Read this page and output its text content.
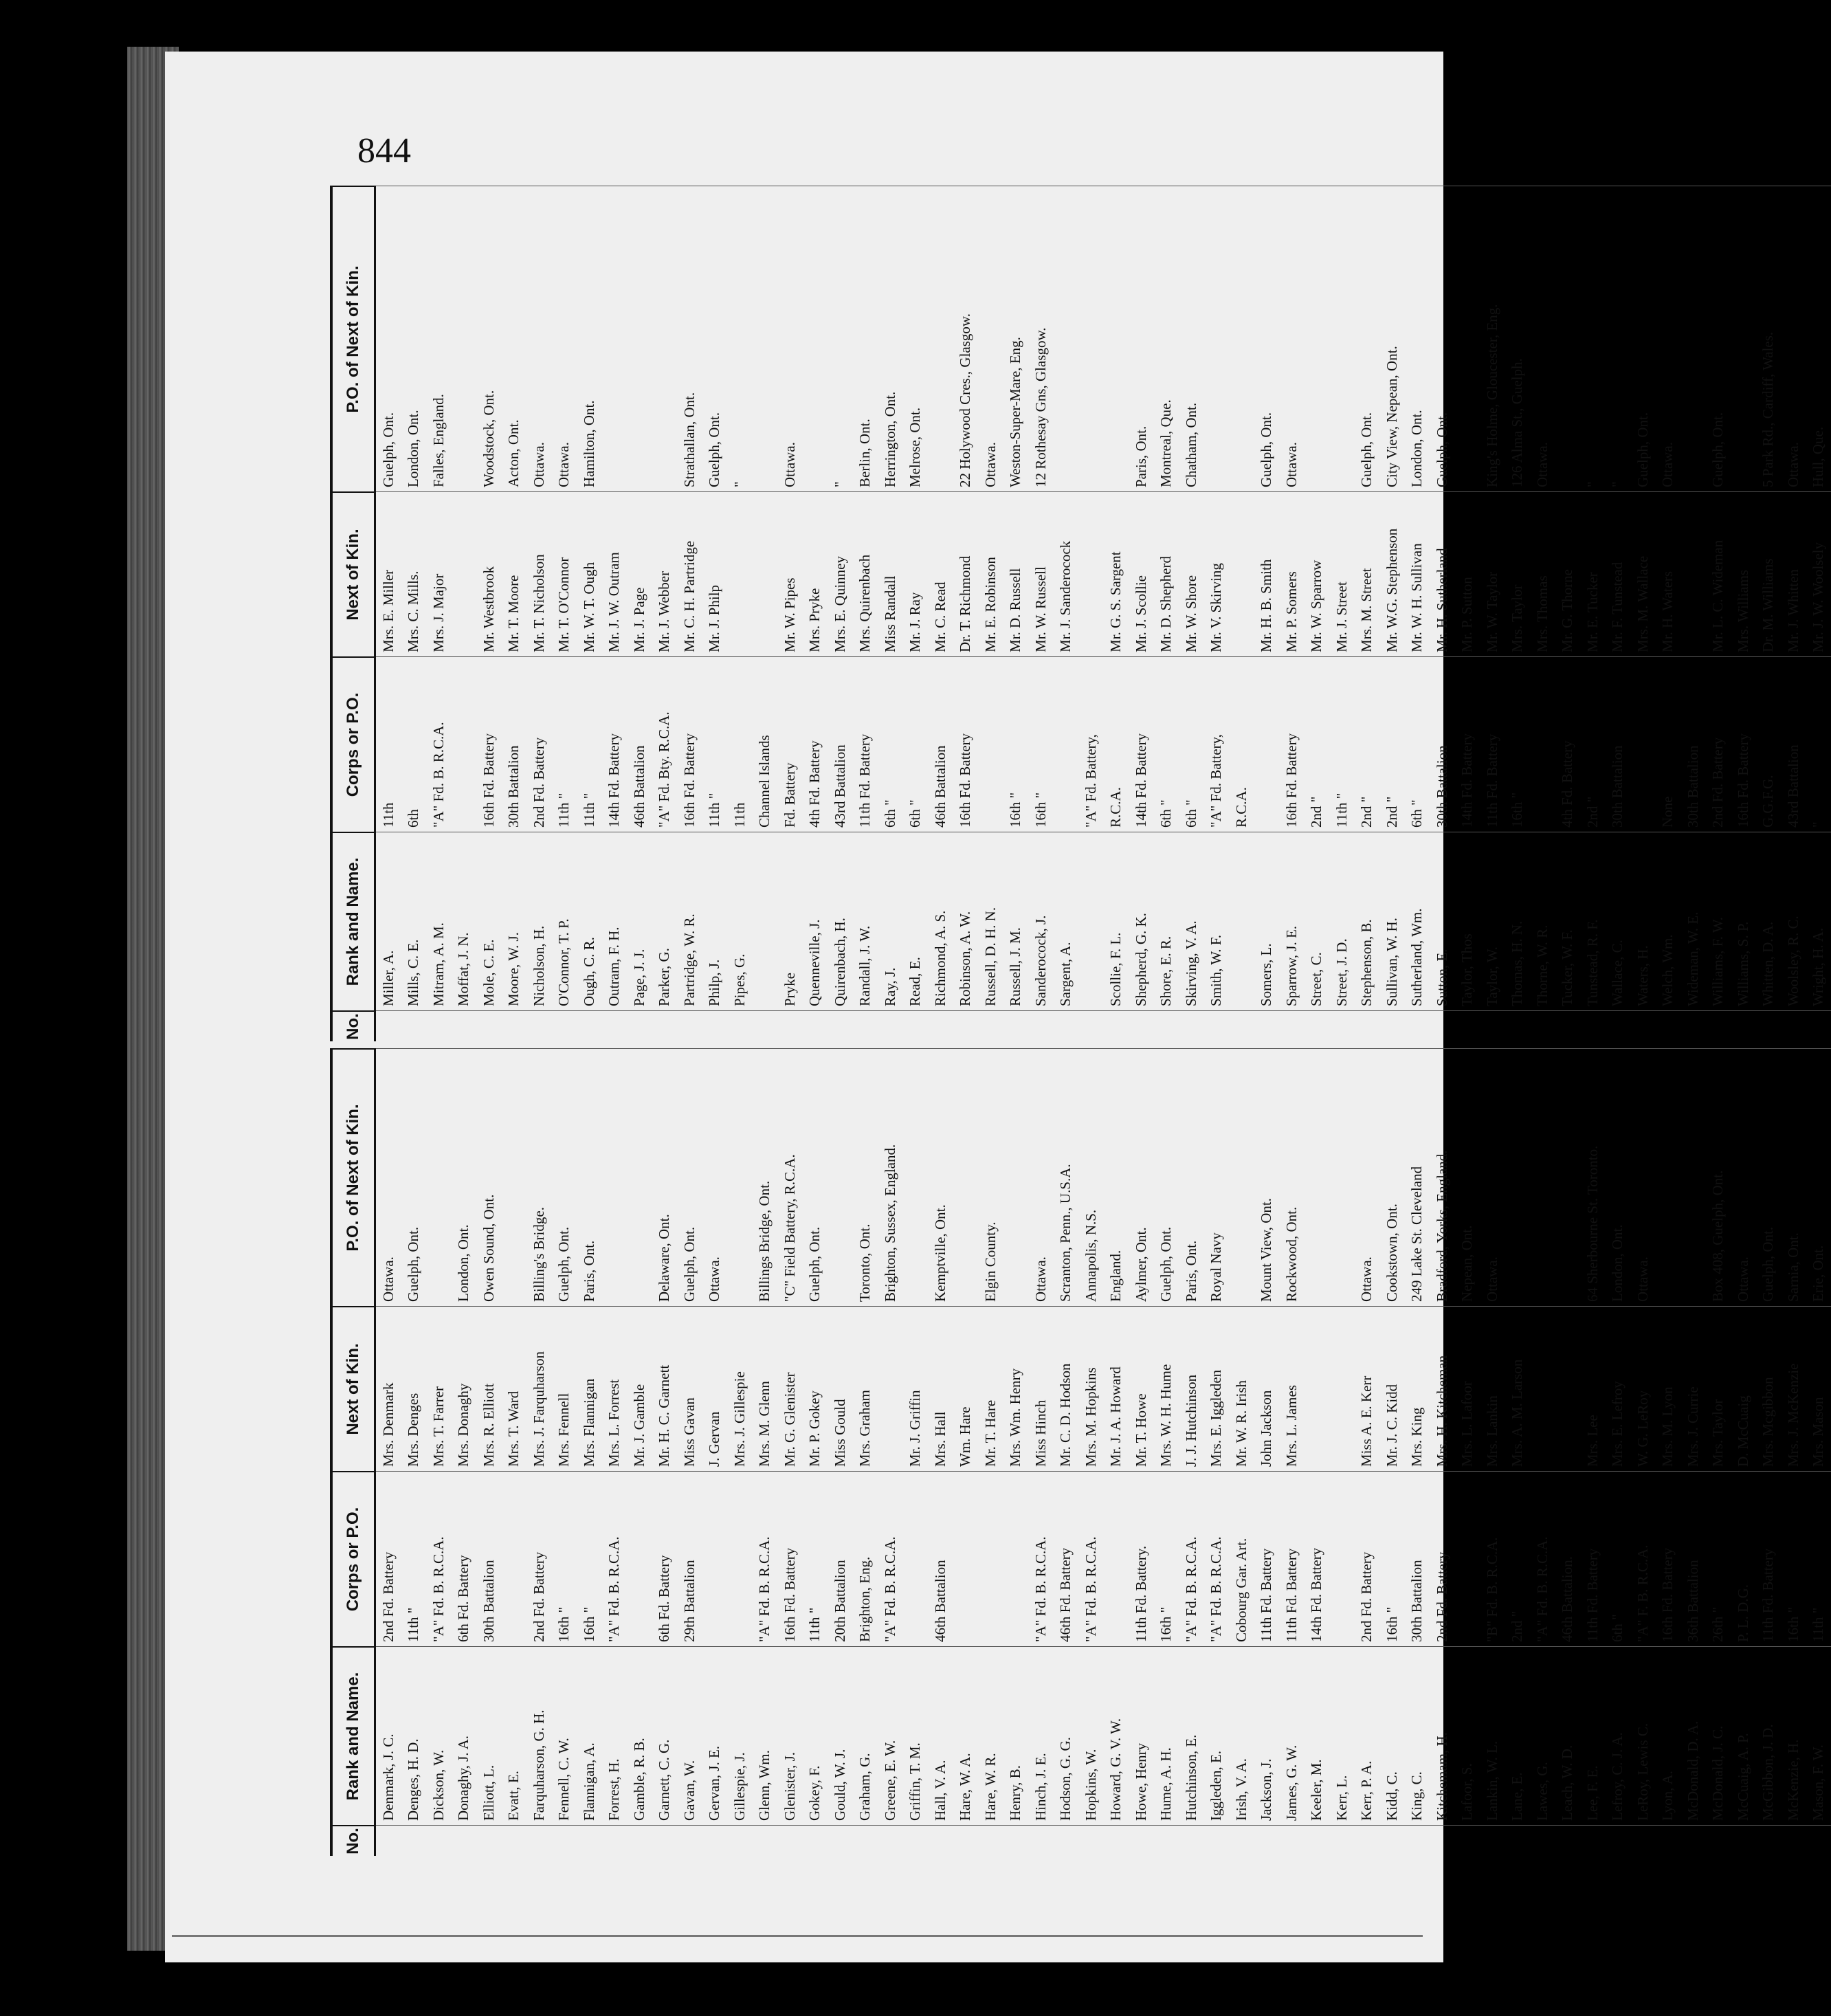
844
No.
Rank and Name.
Corps or P.O.
Next of Kin.
P.O. of Next of Kin.
Denmark, J. C.
2nd Fd. Battery
Mrs. Denmark
Ottawa.
Denges, H. D.
11th "
Mrs. Denges
Guelph, Ont.
Dickson, W.
"A" Fd. B. R.C.A.
Mrs. T. Farrer
Donaghy, J. A.
6th Fd. Battery
Mrs. Donaghy
London, Ont.
Elliott, L.
30th Battalion
Mrs. R. Elliott
Owen Sound, Ont.
Evatt, E.
Mrs. T. Ward
Farquharson, G. H.
2nd Fd. Battery
Mrs. J. Farquharson
Billing's Bridge.
Fennell, C. W.
16th "
Mrs. Fennell
Guelph, Ont.
Flannigan, A.
16th "
Mrs. Flannigan
Paris, Ont.
Forrest, H.
"A" Fd. B. R.C.A.
Mrs. L. Forrest
Gamble, R. B.
Mr. J. Gamble
Garnett, C. G.
6th Fd. Battery
Mr. H. C. Garnett
Delaware, Ont.
Gavan, W.
29th Battalion
Miss Gavan
Guelph, Ont.
Gervan, J. E.
J. Gervan
Ottawa.
Gillespie, J.
Mrs. J. Gillespie
Glenn, Wm.
"A" Fd. B. R.C.A.
Mrs. M. Glenn
Billings Bridge, Ont.
Glenister, J.
16th Fd. Battery
Mr. G. Glenister
"C" Field Battery, R.C.A.
Gokey, F.
11th "
Mr. P. Gokey
Guelph, Ont.
Gould, W. J.
20th Battalion
Miss Gould
Graham, G.
Brighton, Eng.
Mrs. Graham
Toronto, Ont.
Greene, E. W.
"A" Fd. B. R.C.A.
Brighton, Sussex, England.
Griffin, T. M.
Mr. J. Griffin
Hall, V. A.
46th Battalion
Mrs. Hall
Kemptville, Ont.
Hare, W. A.
Wm. Hare
Hare, W. R.
Mr. T. Hare
Elgin County.
Henry, B.
Mrs. Wm. Henry
Hinch, J. E.
"A" Fd. B. R.C.A.
Miss Hinch
Ottawa.
Hodson, G. G.
46th Fd. Battery
Mr. C. D. Hodson
Scranton, Penn., U.S.A.
Hopkins, W.
"A" Fd. B. R.C.A.
Mrs. M. Hopkins
Annapolis, N.S.
Howard, G. V. W.
Mr. J. A. Howard
England.
Howe, Henry
11th Fd. Battery.
Mr. T. Howe
Aylmer, Ont.
Hume, A. H.
16th "
Mrs. W. H. Hume
Guelph, Ont.
Hutchinson, E.
"A" Fd. B. R.C.A.
J. J. Hutchinson
Paris, Ont.
Iggleden, E.
"A" Fd. B. R.C.A.
Mrs. E. Iggleden
Royal Navy
Irish, V. A.
Cobourg Gar. Art.
Mr. W. R. Irish
Jackson, J.
11th Fd. Battery
John Jackson
Mount View, Ont.
James, G. W.
11th Fd. Battery
Mrs. L. James
Rockwood, Ont.
Keeler, M.
14th Fd. Battery
Kerr, L. Kerr, P. A.
2nd Fd. Battery
Miss A. E. Kerr
Ottawa.
Kidd, C.
16th "
Mr. J. C. Kidd
Cookstown, Ont.
King, C.
30th Battalion
Mrs. King
249 Lake St. Cleveland
Kitchemam, H.
2nd Fd. Battery
Mrs. H. Kitcheman
Bradford, Yorks, England.
Lafoor, S.
Mrs. L. Lafoor
Nepean, Ont.
Lankin, W. L.
"B" Fd. B. R.C.A.
Mrs. Lankin
Ottawa.
Lane, E.
2nd "
Mrs. A. M. Larson
Lawes, G.
"A" Fd. B. R.C.A.
Leach, W. D.
46th Battalion.
Lee, F. E.
11th Fd. Battery
Mrs. Lee
64 Sherbourne St. Toronto.
Lefroy, C. J. A.
6th "
Mrs. E. Lefroy
London, Ont.
LeRoy, Lewis C.
"A" F. B. R.C.A.
W. G. LeRoy
Ottawa.
Lyon, A.
16th Fd. Battery
Mrs. M. Lyon
McDonald, D. A.
36th Battalion
Mrs. J. Currie
McDonald, J. C.
26th "
Mrs. Taylor
Box 408, Guelph, Ont.
McCuaig, A. P.
P. L. D.G.
D. McCuaig
Ottawa.
McGibbon, J. D.
11th Fd. Battery
Mrs. Mcgibbon
Guelph, Ont.
McKenzie, H.
16th "
Mrs. J. McKenzie
Sarnia, Ont.
Mason, F. W.
11th "
Mrs. Mason
Erie, Ont.
No.
Rank and Name.
Corps or P.O.
Next of Kin.
P.O. of Next of Kin.
Miller, A.
11th
Mrs. E. Miller
Guelph, Ont.
Mills, C. E.
6th
Mrs. C. Mills.
London, Ont.
Mitram, A. M.
"A" Fd. B. R.C.A.
Mrs. J. Major
Falles, England.
Moffat, J. N. Mole, C. E.
16th Fd. Battery
Mr. Westbrook
Woodstock, Ont.
Moore, W. J.
30th Battalion
Mr. T. Moore
Acton, Ont.
Nicholson, H.
2nd Fd. Battery
Mr. T. Nicholson
Ottawa.
O'Connor, T. P.
11th "
Mr. T. O'Connor
Ottawa.
Ough, C. R.
11th "
Mr. W. T. Ough
Hamilton, Ont.
Outram, F. H.
14th Fd. Battery
Mr. J. W. Outram
Page, J. J.
46th Battalion
Mr. J. Page
Parker, G.
"A" Fd. Bty. R.C.A.
Mr. J. Webber
Partridge, W. R.
16th Fd. Battery
Mr. C. H. Partridge
Strathallan, Ont.
Philp, J.
11th "
Mr. J. Philp
Guelph, Ont.
Pipes, G.
11th
"
Channel Islands
Pryke
Fd. Battery
Mr. W. Pipes
Ottawa.
Quenneville, J.
4th Fd. Battery
Mrs. Pryke
Quirenbach, H.
43rd Battalion
Mrs. E. Quinney
"
Randall, J. W.
11th Fd. Battery
Mrs. Quirenbach
Berlin, Ont.
Ray, J.
6th "
Miss Randall
Herrington, Ont.
Read, E.
6th "
Mr. J. Ray
Melrose, Ont.
Richmond, A. S.
46th Battalion
Mr. C. Read
Robinson, A. W.
16th Fd. Battery
Dr. T. Richmond
22 Holywood Cres., Glasgow.
Russell, D. H. N.
Mr. E. Robinson
Ottawa.
Russell, J. M.
16th "
Mr. D. Russell
Weston-Super-Mare, Eng.
Sanderocock, J.
16th "
Mr. W. Russell
12 Rothesay Gns, Glasgow.
Sargent, A.
Mr. J. Sanderocock
"A" Fd. Battery,
Scollie, F. L.
R.C.A.
Mr. G. S. Sargent
Shepherd, G. K.
14th Fd. Battery
Mr. J. Scollie
Paris, Ont.
Shore, E. R.
6th "
Mr. D. Shepherd
Montreal, Que.
Skirving, V. A.
6th "
Mr. W. Shore
Chatham, Ont.
Smith, W. F.
"A" Fd. Battery,
Mr. V. Skirving
R.C.A.
Somers, L.
Mr. H. B. Smith
Guelph, Ont.
Sparrow, J. E.
16th Fd. Battery
Mr. P. Somers
Ottawa.
Street, C.
2nd "
Mr. W. Sparrow
Street, J. D.
11th "
Mr. J. Street
Stephenson, B.
2nd "
Mrs. M. Street
Guelph, Ont.
Sullivan, W. H.
2nd "
Mr. W.G. Stephenson
City View, Nepean, Ont.
Sutherland, Wm.
6th "
Mr. W. H. Sullivan
London, Ont.
Sutton, E.
30th Battalion
Mr. H. Sutherland
Guelph, Ont.
Taylor, Thos
14th Fd. Battery
Mr. P. Sutton
Taylor, W.
11th Fd. Battery
Mr. W. Taylor
King's Holme, Gloucester, Eng.
Thomas, H. N.
16th "
Mrs. Taylor
126 Alma St., Guelph.
Thorne, W. R.
Mrs. Thomas
Ottawa.
Tucker, W. F.
4th Fd. Battery
Mr. G. Thorne
Tunstead, R. F.
2nd "
Mr. E. Tucker
"
Wallace, C.
30th Battalion
Mr. F. Tunstead
"
Waters, H.
Mrs. M. Wallace
Guelph, Ont.
Welch, Wm.
None
Mr. H. Waters
Ottawa.
Wideman, W. E.
30th Battalion
Williams, F. W.
2nd Fd. Battery
Mr. L. C. Wideman
Guelph, Ont.
Williams, S. P.
16th Fd. Battery
Mrs. Williams
Whitten, D. A.
G.G.F.G.
Dr. M. Williams
5 Park Rd., Cardiff, Wales.
Woolsley, R. C.
43rd Battalion
Mr. J. Whitten
Ottawa.
Wright, H. A.
"
Mr. J. W. Woolsely
Hull, Que.
